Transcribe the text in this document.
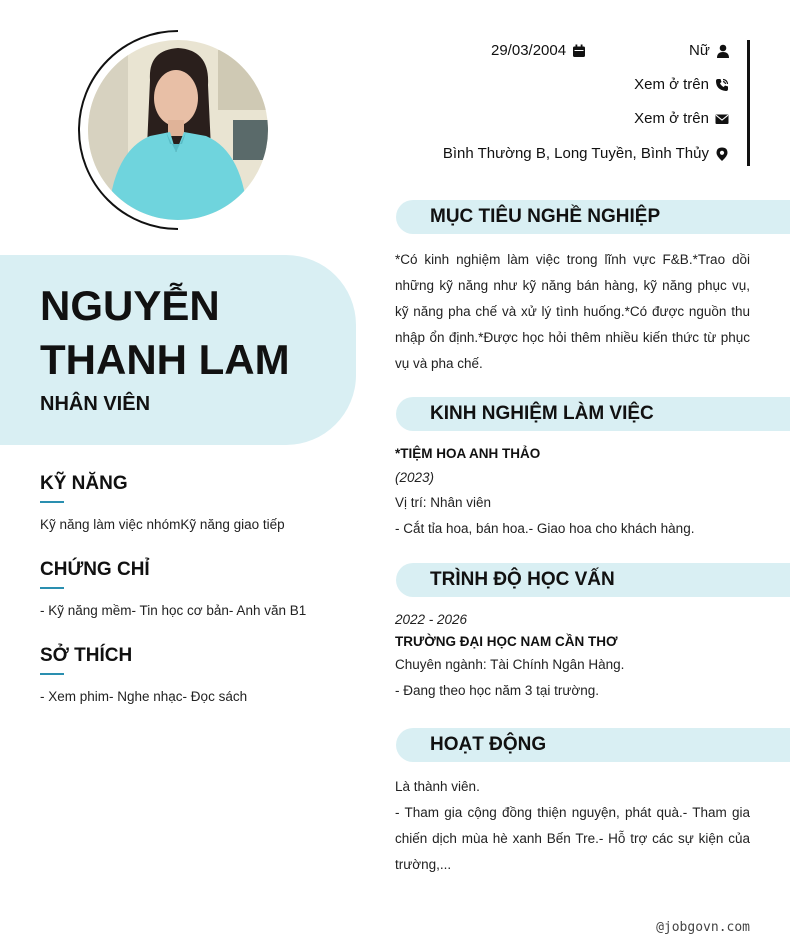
NGUYỄN
THANH LAM
NHÂN VIÊN
KỸ NĂNG

Kỹ năng làm việc nhómKỹ năng giao tiếp

CHỨNG CHỈ

- Kỹ năng mềm- Tin học cơ bản- Anh văn B1

SỞ THÍCH

- Xem phim- Nghe nhạc- Đọc sách

29/03/2004	Nữ
Xem ở trên
Xem ở trên
Bình Thường B, Long Tuyền, Bình Thủy
MỤC TIÊU NGHỀ NGHIỆP
*Có kinh nghiệm làm việc trong lĩnh vực F&B.*Trao dồi những kỹ năng như kỹ năng bán hàng, kỹ năng phục vụ, kỹ năng pha chế và xử lý tình huống.*Có được nguồn thu nhập ổn định.*Được học hỏi thêm nhiều kiến thức từ phục vụ và pha chế.
KINH NGHIỆM LÀM VIỆC
*TIỆM HOA ANH THẢO
(2023)
Vị trí: Nhân viên
- Cắt tỉa hoa, bán hoa.- Giao hoa cho khách hàng.
TRÌNH ĐỘ HỌC VẤN
2022 - 2026
TRƯỜNG ĐẠI HỌC NAM CẦN THƠ
Chuyên ngành: Tài Chính Ngân Hàng.
- Đang theo học năm 3 tại trường.
HOẠT ĐỘNG
Là thành viên.
- Tham gia cộng đồng thiện nguyện, phát quà.- Tham gia chiến dịch mùa hè xanh Bến Tre.- Hỗ trợ các sự kiện của trường,...
@jobgovn.com
